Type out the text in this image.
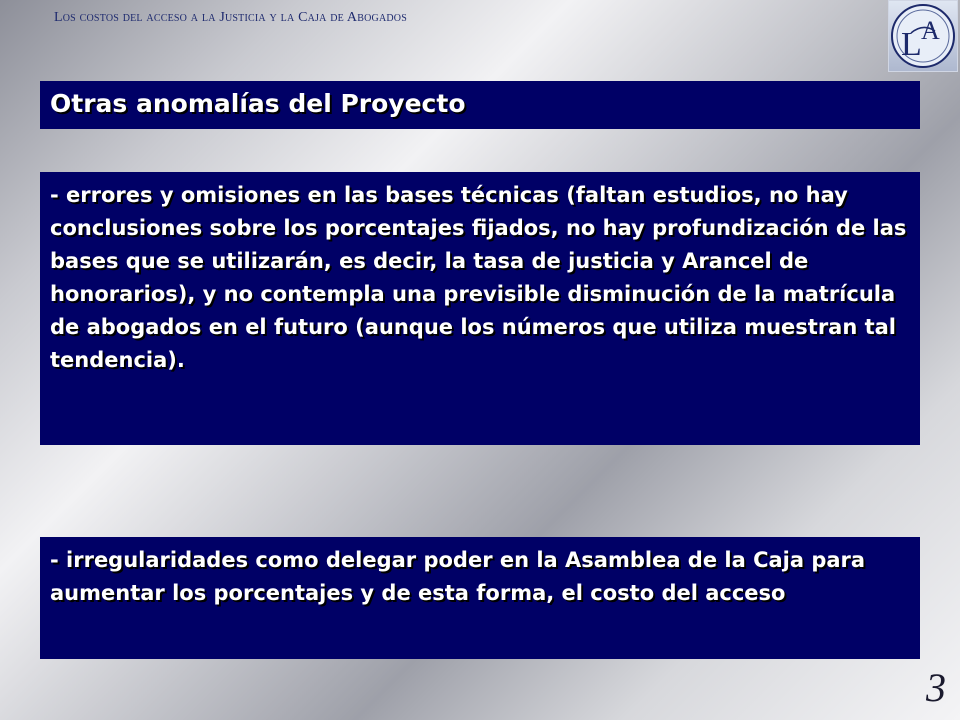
Los costos del acceso a la Justicia y la Caja de Abogados
L A
Otras anomalías del Proyecto
- errores y omisiones en las bases técnicas (faltan estudios, no hay conclusiones sobre los porcentajes fijados, no hay profundización de las bases que se utilizarán, es decir, la tasa de justicia y Arancel de honorarios), y no contempla una previsible disminución de la matrícula de abogados en el futuro (aunque los números que utiliza muestran tal tendencia).
- irregularidades como delegar poder en la Asamblea de la Caja para aumentar los porcentajes y de esta forma, el costo del acceso
3
